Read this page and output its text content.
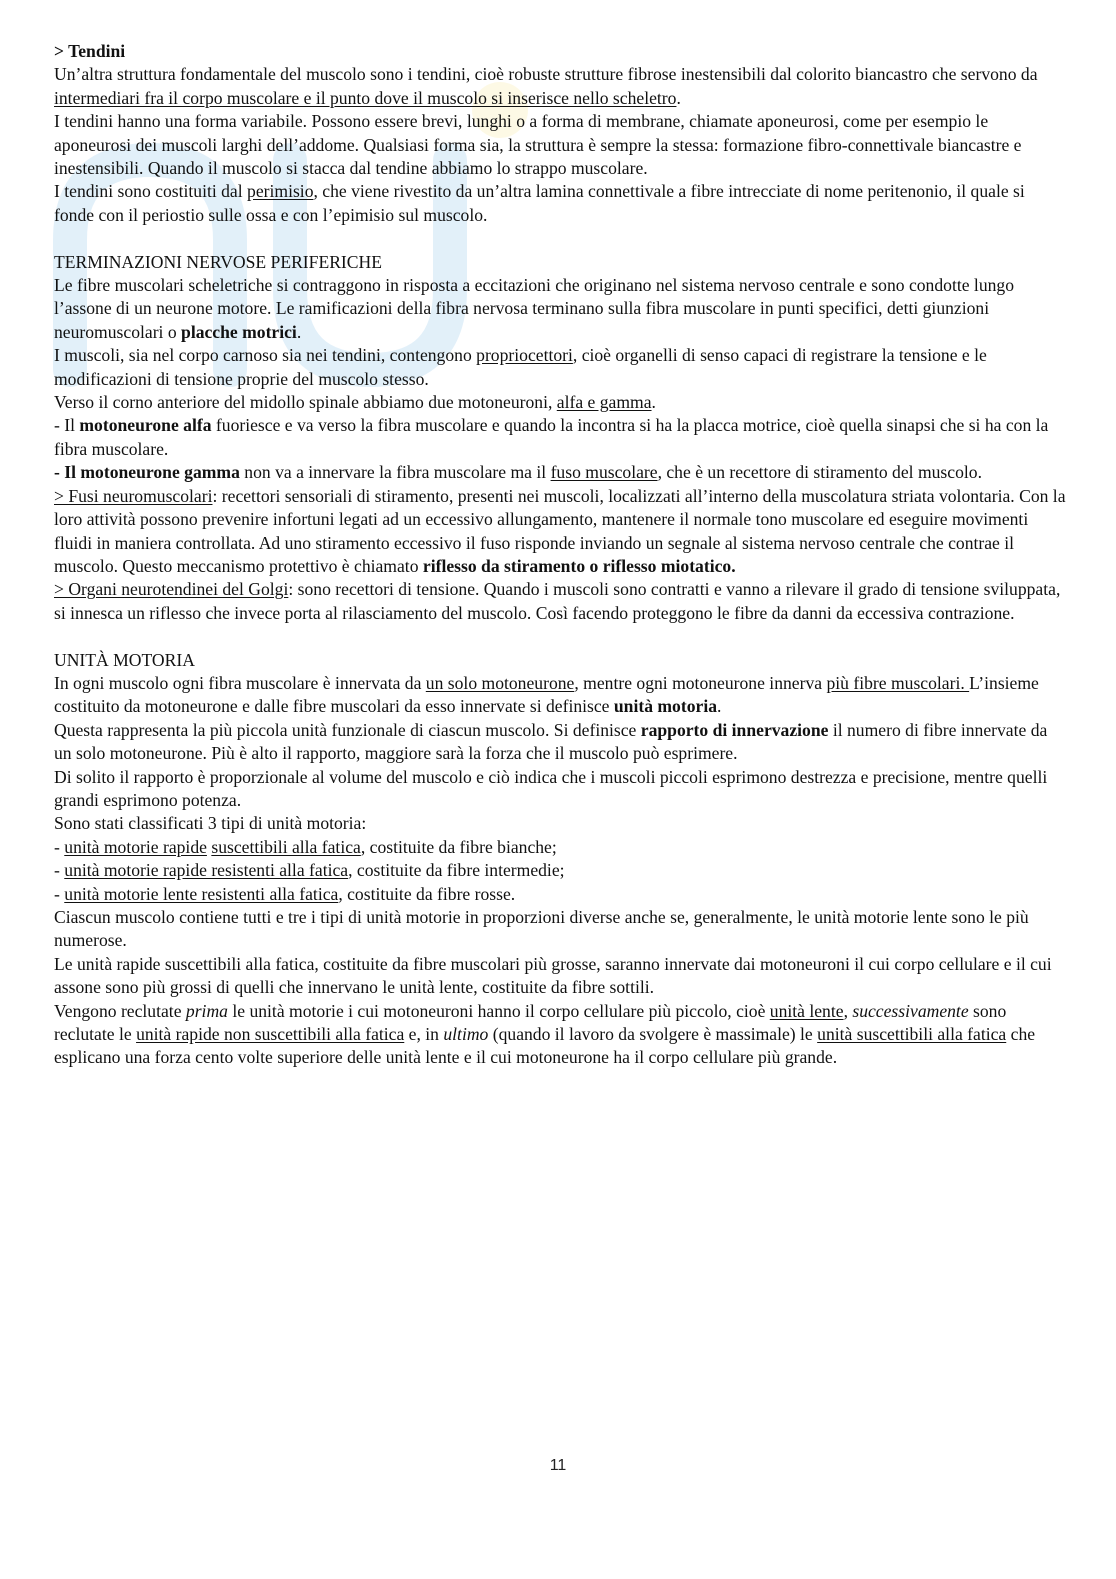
> Tendini

Un’altra struttura fondamentale del muscolo sono i tendini, cioè robuste strutture fibrose inestensibili dal colorito biancastro che servono da intermediari fra il corpo muscolare e il punto dove il muscolo si inserisce nello scheletro.

I tendini hanno una forma variabile. Possono essere brevi, lunghi o a forma di membrane, chiamate aponeurosi, come per esempio le aponeurosi dei muscoli larghi dell’addome. Qualsiasi forma sia, la struttura è sempre la stessa: formazione fibro-connettivale biancastre e inestensibili. Quando il muscolo si stacca dal tendine abbiamo lo strappo muscolare.

I tendini sono costituiti dal perimisio, che viene rivestito da un’altra lamina connettivale a fibre intrecciate di nome peritenonio, il quale si fonde con il periostio sulle ossa e con l’epimisio sul muscolo.

TERMINAZIONI NERVOSE PERIFERICHE

Le fibre muscolari scheletriche si contraggono in risposta a eccitazioni che originano nel sistema nervoso centrale e sono condotte lungo l’assone di un neurone motore. Le ramificazioni della fibra nervosa terminano sulla fibra muscolare in punti specifici, detti giunzioni neuromuscolari o placche motrici.

I muscoli, sia nel corpo carnoso sia nei tendini, contengono propriocettori, cioè organelli di senso capaci di registrare la tensione e le modificazioni di tensione proprie del muscolo stesso.

Verso il corno anteriore del midollo spinale abbiamo due motoneuroni, alfa e gamma.

- Il motoneurone alfa fuoriesce e va verso la fibra muscolare e quando la incontra si ha la placca motrice, cioè quella sinapsi che si ha con la fibra muscolare.

- Il motoneurone gamma non va a innervare la fibra muscolare ma il fuso muscolare, che è un recettore di stiramento del muscolo.

> Fusi neuromuscolari: recettori sensoriali di stiramento, presenti nei muscoli, localizzati all’interno della muscolatura striata volontaria. Con la loro attività possono prevenire infortuni legati ad un eccessivo allungamento, mantenere il normale tono muscolare ed eseguire movimenti fluidi in maniera controllata. Ad uno stiramento eccessivo il fuso risponde inviando un segnale al sistema nervoso centrale che contrae il muscolo. Questo meccanismo protettivo è chiamato riflesso da stiramento o riflesso miotatico.

> Organi neurotendinei del Golgi: sono recettori di tensione. Quando i muscoli sono contratti e vanno a rilevare il grado di tensione sviluppata, si innesca un riflesso che invece porta al rilasciamento del muscolo. Così facendo proteggono le fibre da danni da eccessiva contrazione.

UNITÀ MOTORIA

In ogni muscolo ogni fibra muscolare è innervata da un solo motoneurone, mentre ogni motoneurone innerva più fibre muscolari. L’insieme costituito da motoneurone e dalle fibre muscolari da esso innervate si definisce unità motoria.

Questa rappresenta la più piccola unità funzionale di ciascun muscolo. Si definisce rapporto di innervazione il numero di fibre innervate da un solo motoneurone. Più è alto il rapporto, maggiore sarà la forza che il muscolo può esprimere.

Di solito il rapporto è proporzionale al volume del muscolo e ciò indica che i muscoli piccoli esprimono destrezza e precisione, mentre quelli grandi esprimono potenza.

Sono stati classificati 3 tipi di unità motoria:

- unità motorie rapide suscettibili alla fatica, costituite da fibre bianche;

- unità motorie rapide resistenti alla fatica, costituite da fibre intermedie;

- unità motorie lente resistenti alla fatica, costituite da fibre rosse.

Ciascun muscolo contiene tutti e tre i tipi di unità motorie in proporzioni diverse anche se, generalmente, le unità motorie lente sono le più numerose.

Le unità rapide suscettibili alla fatica, costituite da fibre muscolari più grosse, saranno innervate dai motoneuroni il cui corpo cellulare e il cui assone sono più grossi di quelli che innervano le unità lente, costituite da fibre sottili.

Vengono reclutate prima le unità motorie i cui motoneuroni hanno il corpo cellulare più piccolo, cioè unità lente, successivamente sono reclutate le unità rapide non suscettibili alla fatica e, in ultimo (quando il lavoro da svolgere è massimale) le unità suscettibili alla fatica che esplicano una forza cento volte superiore delle unità lente e il cui motoneurone ha il corpo cellulare più grande.

11
